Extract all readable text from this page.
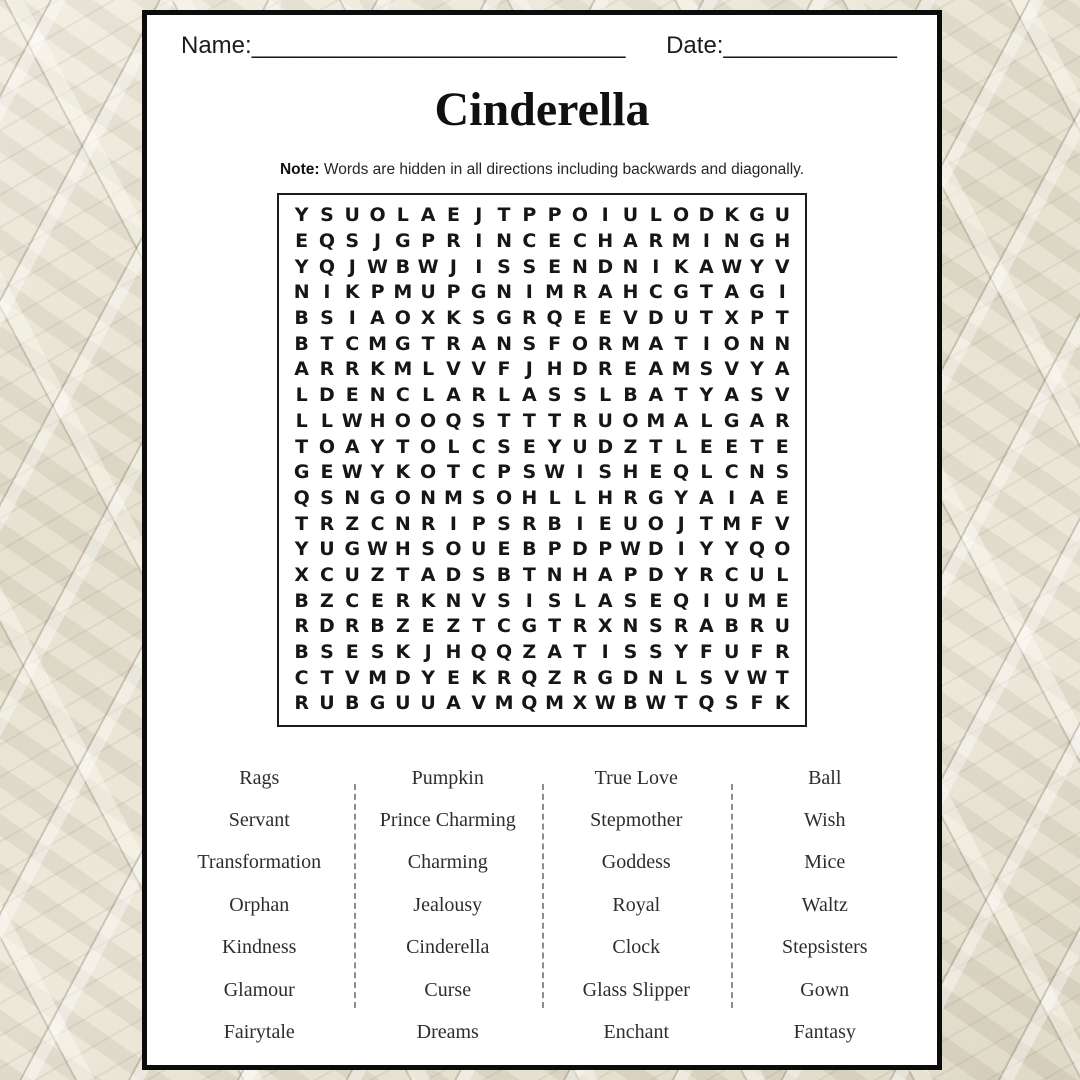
Name: ____________________________ Date: _____________
Cinderella

Note: Words are hidden in all directions including backwards and diagonally.

Y S U O L A E J T P P O I U L O D K G U
E Q S J G P R I N C E C H A R M I N G H
Y Q J W B W J I S S E N D N I K A W Y V
N I K P M U P G N I M R A H C G T A G I
B S I A O X K S G R Q E E V D U T X P T
B T C M G T R A N S F O R M A T I O N N
A R R K M L V V F J H D R E A M S V Y A
L D E N C L A R L A S S L B A T Y A S V
L L W H O O Q S T T T R U O M A L G A R
T O A Y T O L C S E Y U D Z T L E E T E
G E W Y K O T C P S W I S H E Q L C N S
Q S N G O N M S O H L L H R G Y A I A E
T R Z C N R I P S R B I E U O J T M F V
Y U G W H S O U E B P D P W D I Y Y Q O
X C U Z T A D S B T N H A P D Y R C U L
B Z C E R K N V S I S L A S E Q I U M E
R D R B Z E Z T C G T R X N S R A B R U
B S E S K J H Q Q Z A T I S S Y F U F R
C T V M D Y E K R Q Z R G D N L S V W T
R U B G U U A V M Q M X W B W T Q S F K
Rags
Servant
Transformation
Orphan
Kindness
Glamour
Fairytale
Pumpkin
Prince Charming
Charming
Jealousy
Cinderella
Curse
Dreams
True Love
Stepmother
Goddess
Royal
Clock
Glass Slipper
Enchant
Ball
Wish
Mice
Waltz
Stepsisters
Gown
Fantasy
